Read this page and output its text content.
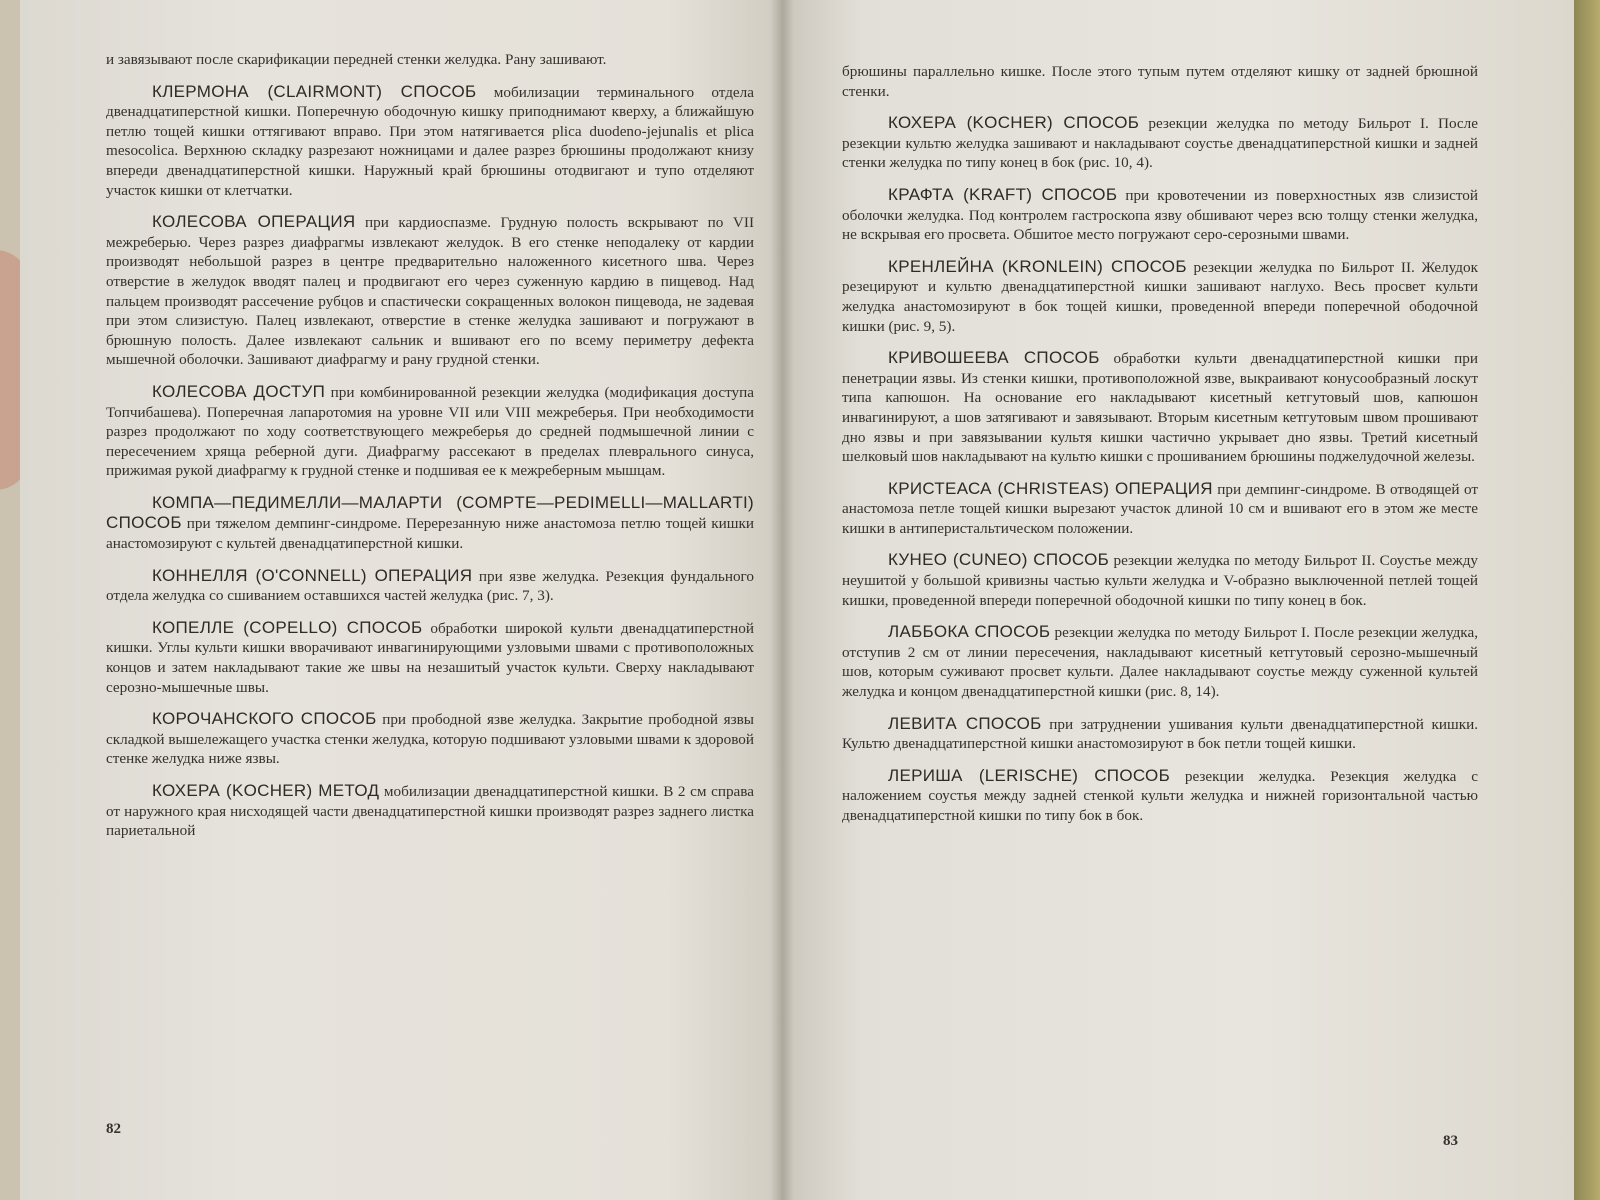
и завязывают после скарификации передней стенки желудка. Рану зашивают.

КЛЕРМОНА (CLAIRMONT) СПОСОБ мобилизации терминального отдела двенадцатиперстной кишки. Поперечную ободочную кишку приподнимают кверху, а ближайшую петлю тощей кишки оттягивают вправо. При этом натягивается plica duodeno-jejunalis et plica mesocolica. Верхнюю складку разрезают ножницами и далее разрез брюшины продолжают книзу впереди двенадцатиперстной кишки. Наружный край брюшины отодвигают и тупо отделяют участок кишки от клетчатки.

КОЛЕСОВА ОПЕРАЦИЯ при кардиоспазме. Грудную полость вскрывают по VII межреберью. Через разрез диафрагмы извлекают желудок. В его стенке неподалеку от кардии производят небольшой разрез в центре предварительно наложенного кисетного шва. Через отверстие в желудок вводят палец и продвигают его через суженную кардию в пищевод. Над пальцем производят рассечение рубцов и спастически сокращенных волокон пищевода, не задевая при этом слизистую. Палец извлекают, отверстие в стенке желудка зашивают и погружают в брюшную полость. Далее извлекают сальник и вшивают его по всему периметру дефекта мышечной оболочки. Зашивают диафрагму и рану грудной стенки.

КОЛЕСОВА ДОСТУП при комбинированной резекции желудка (модификация доступа Топчибашева). Поперечная лапаротомия на уровне VII или VIII межреберья. При необходимости разрез продолжают по ходу соответствующего межреберья до средней подмышечной линии с пересечением хряща реберной дуги. Диафрагму рассекают в пределах плеврального синуса, прижимая рукой диафрагму к грудной стенке и подшивая ее к межреберным мышцам.

КОМПА—ПЕДИМЕЛЛИ—МАЛАРТИ (COMPTE—PEDIMELLI—MALLARTI) СПОСОБ при тяжелом демпинг-синдроме. Перерезанную ниже анастомоза петлю тощей кишки анастомозируют с культей двенадцатиперстной кишки.

КОННЕЛЛЯ (O'CONNELL) ОПЕРАЦИЯ при язве желудка. Резекция фундального отдела желудка со сшиванием оставшихся частей желудка (рис. 7, 3).

КОПЕЛЛЕ (COPELLO) СПОСОБ обработки широкой культи двенадцатиперстной кишки. Углы культи кишки вворачивают инвагинирующими узловыми швами с противоположных концов и затем накладывают такие же швы на незашитый участок культи. Сверху накладывают серозно-мышечные швы.

КОРОЧАНСКОГО СПОСОБ при прободной язве желудка. Закрытие прободной язвы складкой вышележащего участка стенки желудка, которую подшивают узловыми швами к здоровой стенке желудка ниже язвы.

КОХЕРА (KOCHER) МЕТОД мобилизации двенадцатиперстной кишки. В 2 см справа от наружного края нисходящей части двенадцатиперстной кишки производят разрез заднего листка париетальной

82

брюшины параллельно кишке. После этого тупым путем отделяют кишку от задней брюшной стенки.

КОХЕРА (KOCHER) СПОСОБ резекции желудка по методу Бильрот I. После резекции культю желудка зашивают и накладывают соустье двенадцатиперстной кишки и задней стенки желудка по типу конец в бок (рис. 10, 4).

КРАФТА (KRAFT) СПОСОБ при кровотечении из поверхностных язв слизистой оболочки желудка. Под контролем гастроскопа язву обшивают через всю толщу стенки желудка, не вскрывая его просвета. Обшитое место погружают серо-серозными швами.

КРЕНЛЕЙНА (KRONLEIN) СПОСОБ резекции желудка по Бильрот II. Желудок резецируют и культю двенадцатиперстной кишки зашивают наглухо. Весь просвет культи желудка анастомозируют в бок тощей кишки, проведенной впереди поперечной ободочной кишки (рис. 9, 5).

КРИВОШЕЕВА СПОСОБ обработки культи двенадцатиперстной кишки при пенетрации язвы. Из стенки кишки, противоположной язве, выкраивают конусообразный лоскут типа капюшон. На основание его накладывают кисетный кетгутовый шов, капюшон инвагинируют, а шов затягивают и завязывают. Вторым кисетным кетгутовым швом прошивают дно язвы и при завязывании культя кишки частично укрывает дно язвы. Третий кисетный шелковый шов накладывают на культю кишки с прошиванием брюшины поджелудочной железы.

КРИСТЕАСА (CHRISTEAS) ОПЕРАЦИЯ при демпинг-синдроме. В отводящей от анастомоза петле тощей кишки вырезают участок длиной 10 см и вшивают его в этом же месте кишки в антиперистальтическом положении.

КУНЕО (CUNEO) СПОСОБ резекции желудка по методу Бильрот II. Соустье между неушитой у большой кривизны частью культи желудка и V-образно выключенной петлей тощей кишки, проведенной впереди поперечной ободочной кишки по типу конец в бок.

ЛАББОКА СПОСОБ резекции желудка по методу Бильрот I. После резекции желудка, отступив 2 см от линии пересечения, накладывают кисетный кетгутовый серозно-мышечный шов, которым суживают просвет культи. Далее накладывают соустье между суженной культей желудка и концом двенадцатиперстной кишки (рис. 8, 14).

ЛЕВИТА СПОСОБ при затруднении ушивания культи двенадцатиперстной кишки. Культю двенадцатиперстной кишки анастомозируют в бок петли тощей кишки.

ЛЕРИША (LERISCHE) СПОСОБ резекции желудка. Резекция желудка с наложением соустья между задней стенкой культи желудка и нижней горизонтальной частью двенадцатиперстной кишки по типу бок в бок.

83
